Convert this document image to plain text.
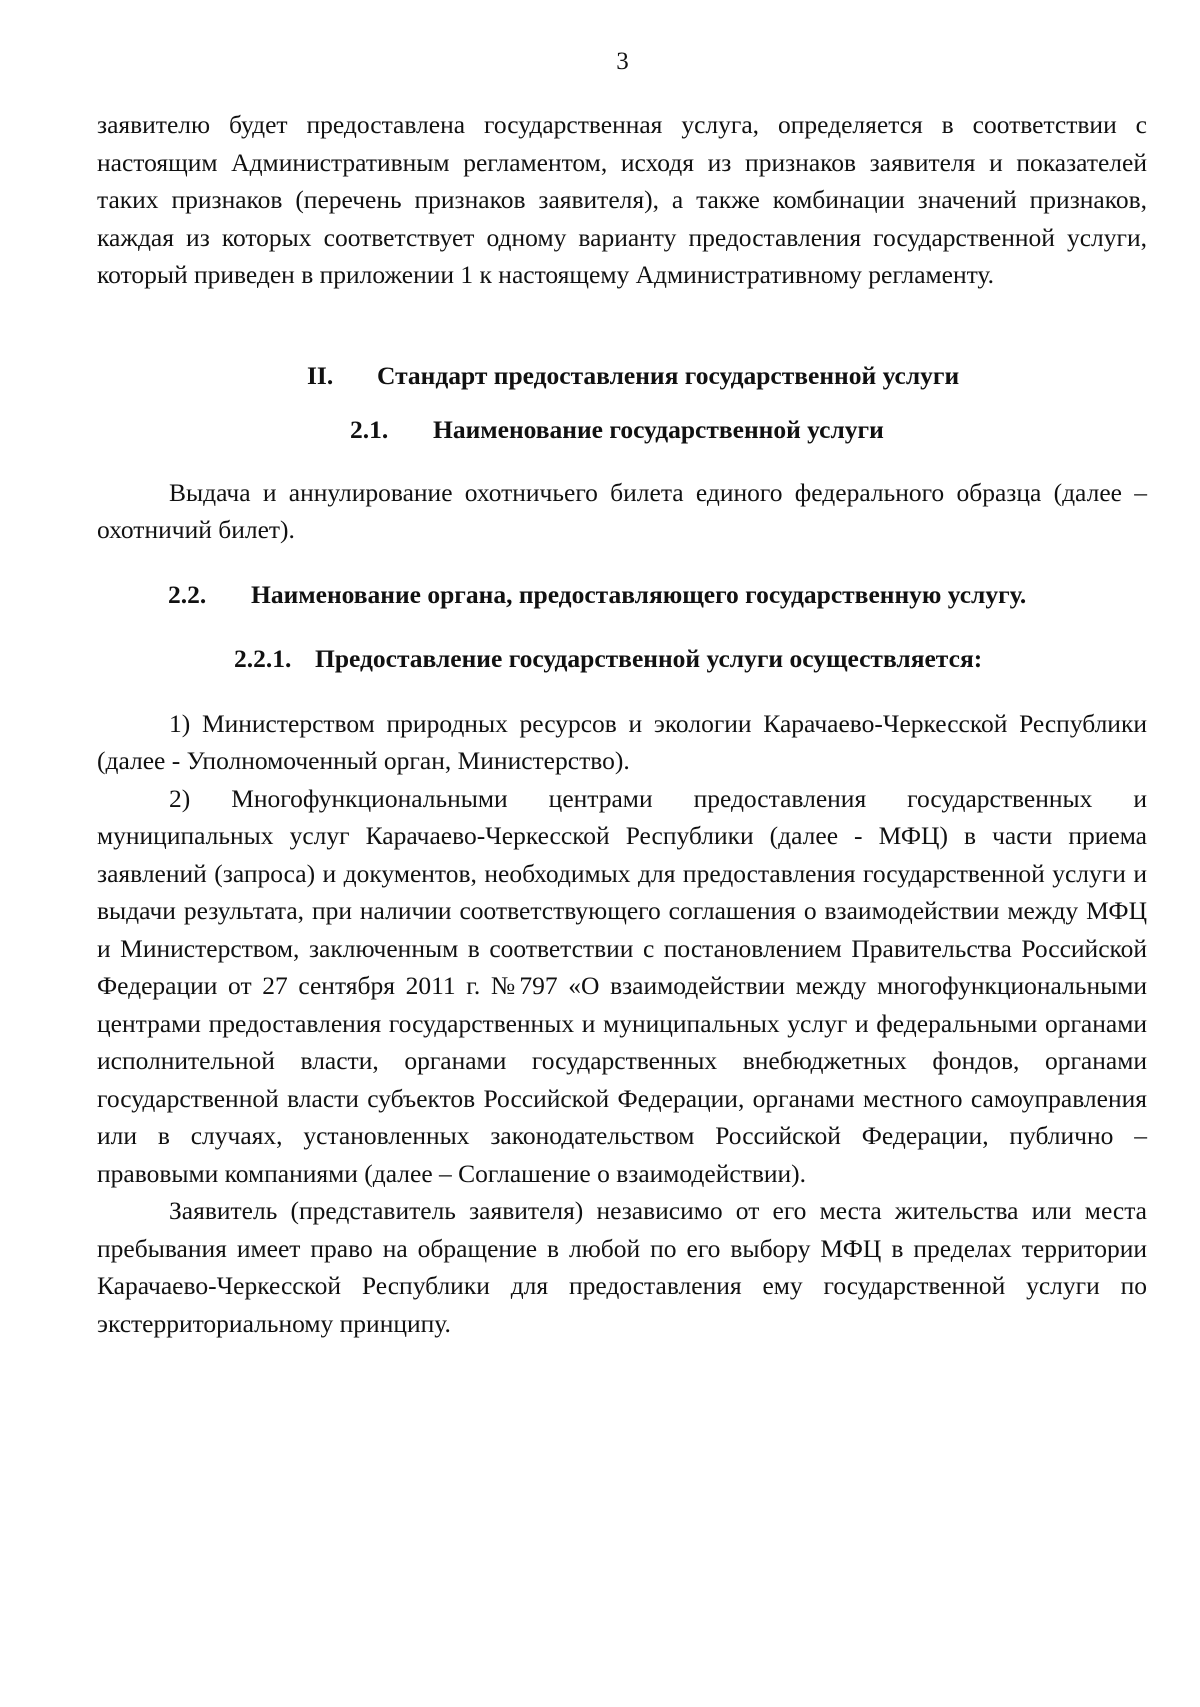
3

заявителю будет предоставлена государственная услуга, определяется в соответствии с настоящим Административным регламентом, исходя из признаков заявителя и показателей таких признаков (перечень признаков заявителя), а также комбинации значений признаков, каждая из которых соответствует одному варианту предоставления государственной услуги, который приведен в приложении 1 к настоящему Административному регламенту.

II. Стандарт предоставления государственной услуги
2.1. Наименование государственной услуги

Выдача и аннулирование охотничьего билета единого федерального образца (далее – охотничий билет).

2.2. Наименование органа, предоставляющего государственную услугу.
2.2.1. Предоставление государственной услуги осуществляется:

1) Министерством природных ресурсов и экологии Карачаево-Черкесской Республики (далее - Уполномоченный орган, Министерство).

2) Многофункциональными центрами предоставления государственных и муниципальных услуг Карачаево-Черкесской Республики (далее - МФЦ) в части приема заявлений (запроса) и документов, необходимых для предоставления государственной услуги и выдачи результата, при наличии соответствующего соглашения о взаимодействии между МФЦ и Министерством, заключенным в соответствии с постановлением Правительства Российской Федерации от 27 сентября 2011 г. №797 «О взаимодействии между многофункциональными центрами предоставления государственных и муниципальных услуг и федеральными органами исполнительной власти, органами государственных внебюджетных фондов, органами государственной власти субъектов Российской Федерации, органами местного самоуправления или в случаях, установленных законодательством Российской Федерации, публично – правовыми компаниями (далее – Соглашение о взаимодействии).

Заявитель (представитель заявителя) независимо от его места жительства или места пребывания имеет право на обращение в любой по его выбору МФЦ в пределах территории Карачаево-Черкесской Республики для предоставления ему государственной услуги по экстерриториальному принципу.
